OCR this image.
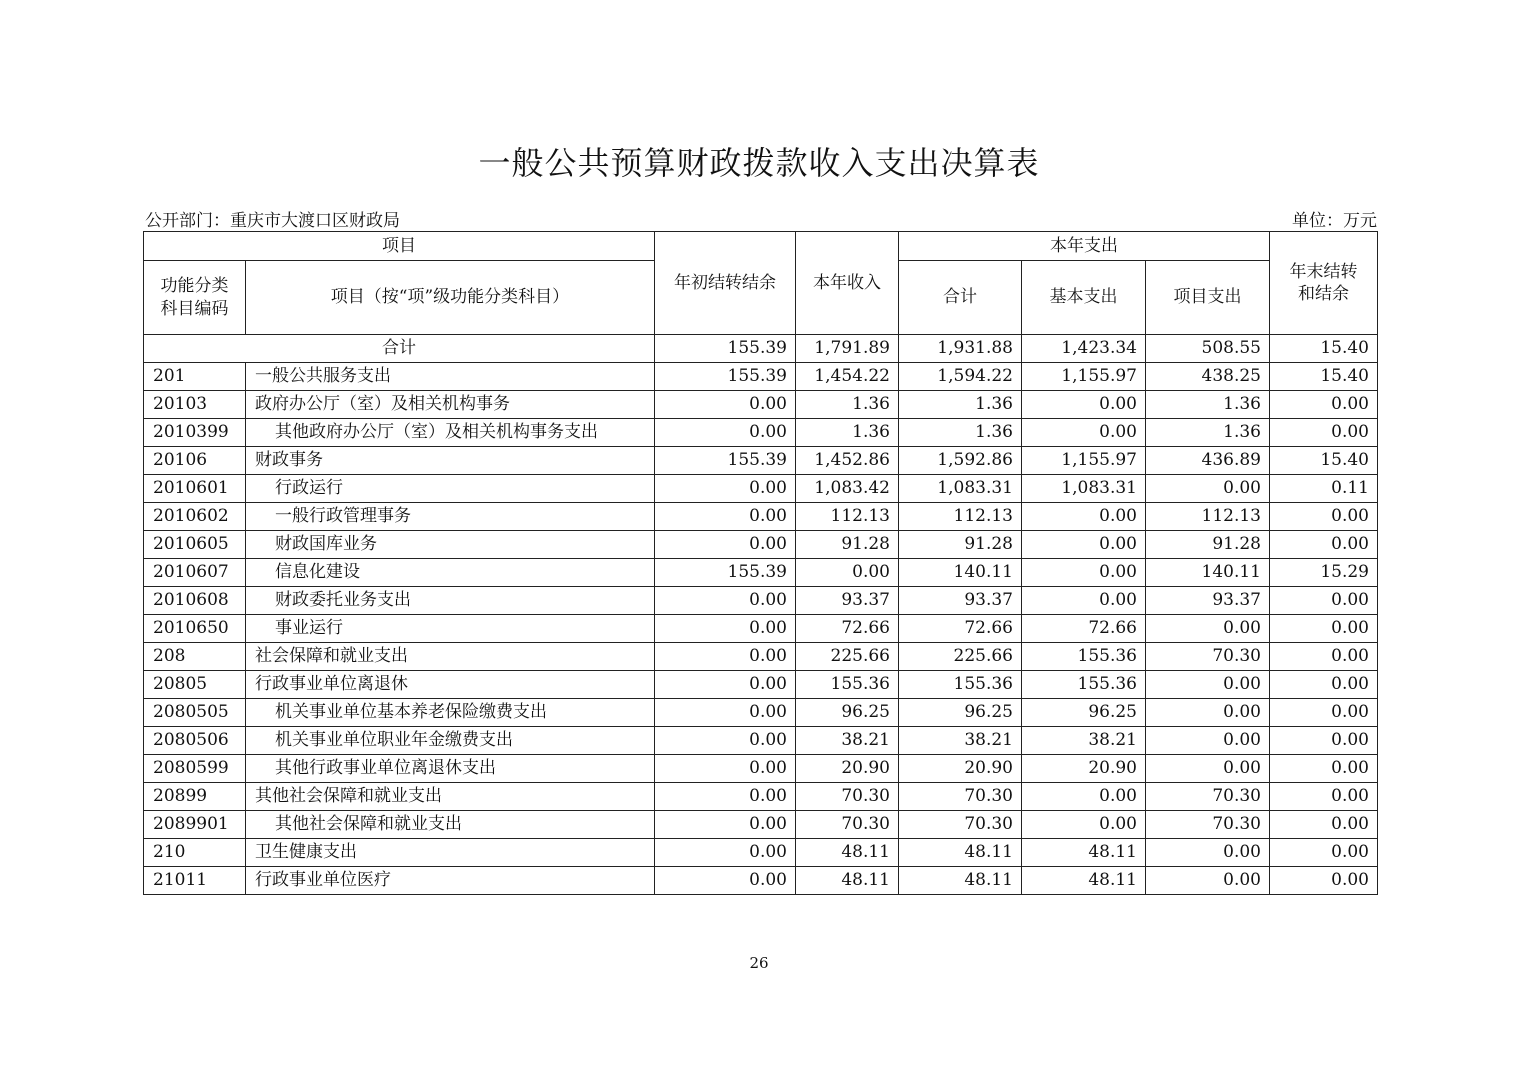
一般公共预算财政拨款收入支出决算表
公开部门：重庆市大渡口区财政局	单位：万元
项目		年初结转结余	本年收入	本年支出			年末结转和结余
功能分类科目编码	项目（按“项”级功能分类科目）			合计	基本支出	项目支出	
合计		155.39	1,791.89	1,931.88	1,423.34	508.55	15.40
201	一般公共服务支出	155.39	1,454.22	1,594.22	1,155.97	438.25	15.40
20103	政府办公厅（室）及相关机构事务	0.00	1.36	1.36	0.00	1.36	0.00
2010399	其他政府办公厅（室）及相关机构事务支出	0.00	1.36	1.36	0.00	1.36	0.00
20106	财政事务	155.39	1,452.86	1,592.86	1,155.97	436.89	15.40
2010601	行政运行	0.00	1,083.42	1,083.31	1,083.31	0.00	0.11
2010602	一般行政管理事务	0.00	112.13	112.13	0.00	112.13	0.00
2010605	财政国库业务	0.00	91.28	91.28	0.00	91.28	0.00
2010607	信息化建设	155.39	0.00	140.11	0.00	140.11	15.29
2010608	财政委托业务支出	0.00	93.37	93.37	0.00	93.37	0.00
2010650	事业运行	0.00	72.66	72.66	72.66	0.00	0.00
208	社会保障和就业支出	0.00	225.66	225.66	155.36	70.30	0.00
20805	行政事业单位离退休	0.00	155.36	155.36	155.36	0.00	0.00
2080505	机关事业单位基本养老保险缴费支出	0.00	96.25	96.25	96.25	0.00	0.00
2080506	机关事业单位职业年金缴费支出	0.00	38.21	38.21	38.21	0.00	0.00
2080599	其他行政事业单位离退休支出	0.00	20.90	20.90	20.90	0.00	0.00
20899	其他社会保障和就业支出	0.00	70.30	70.30	0.00	70.30	0.00
2089901	其他社会保障和就业支出	0.00	70.30	70.30	0.00	70.30	0.00
210	卫生健康支出	0.00	48.11	48.11	48.11	0.00	0.00
21011	行政事业单位医疗	0.00	48.11	48.11	48.11	0.00	0.00
26
